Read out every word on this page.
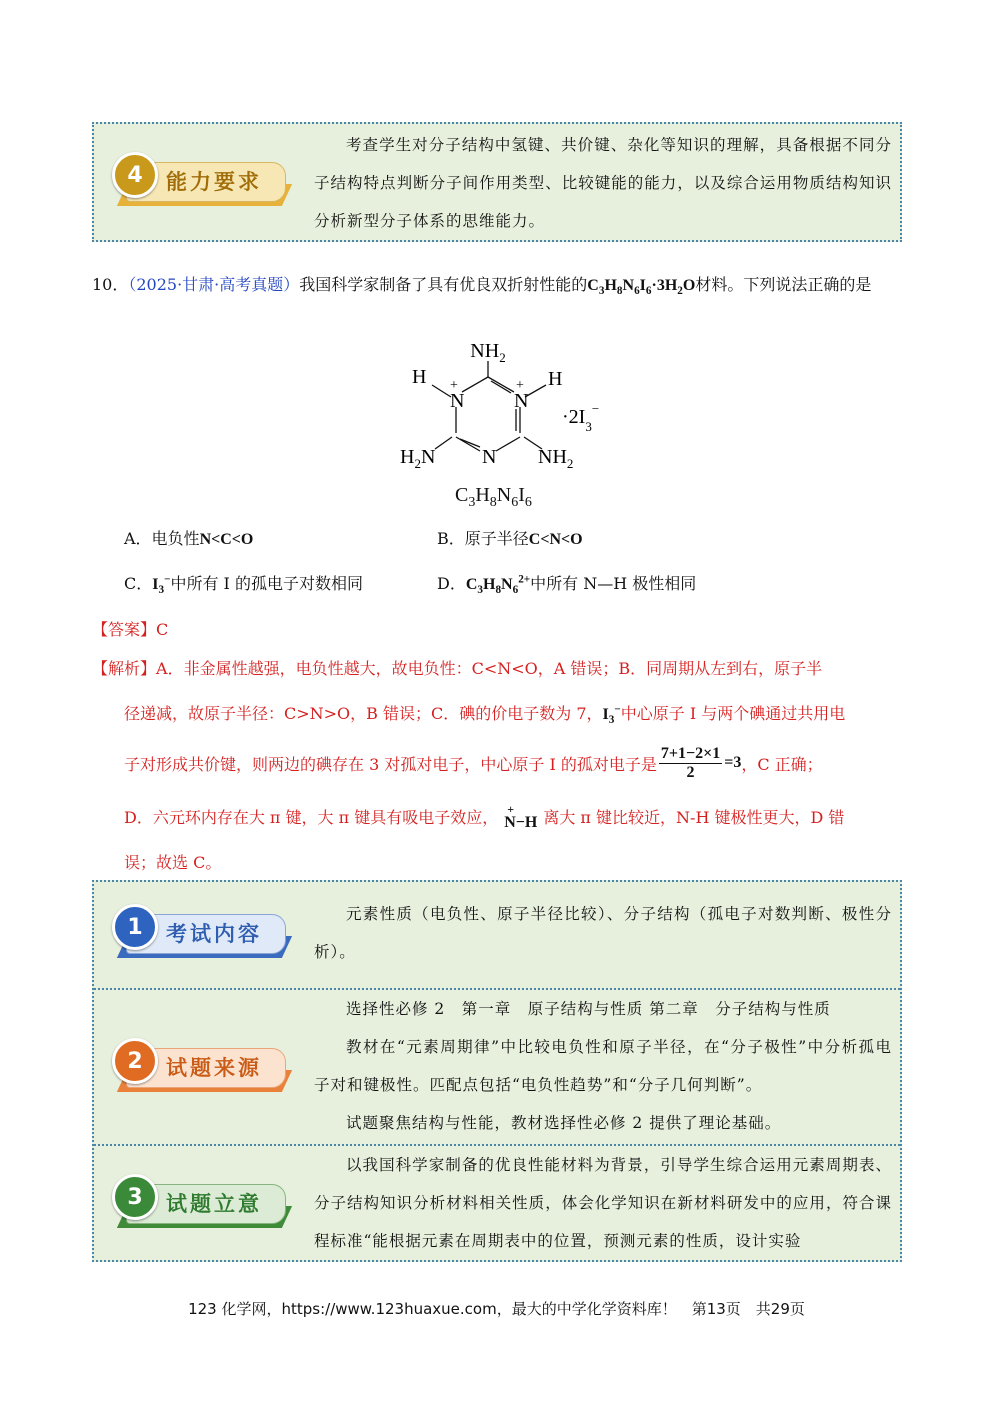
4	能力要求
考查学生对分子结构中氢键、共价键、杂化等知识的理解，具备根据不同分子结构特点判断分子间作用类型、比较键能的能力，以及综合运用物质结构知识分析新型分子体系的思维能力。
10．（2025·甘肃·高考真题）我国科学家制备了具有优良双折射性能的$C_3H_8N_6I_6\cdot 3H_2O$材料。下列说法正确的是
$NH_2$
N
+
N
+
N
H	H
$H_2N$	$NH_2$
$\cdot 2I_3^-$
$C_3H_8N_6I_6$
A．电负性N<C<O	B．原子半径C<N<O
C．$I_3^-$中所有 I 的孤电子对数相同	D．$C_3H_8N_6^{2+}$中所有 N—H 极性相同
【答案】C
【解析】A．非金属性越强，电负性越大，故电负性：C<N<O，A 错误；B．同周期从左到右，原子半
径递减，故原子半径：C>N>O，B 错误；C．碘的价电子数为 7，$I_3^-$中心原子 I 与两个碘通过共用电
子对形成共价键，则两边的碘存在 3 对孤对电子，中心原子 I 的孤对电子是 $\frac{7+1-2\times 1}{2} =3$ ，C 正确；
D．六元环内存在大 π 键，大 π 键具有吸电子效应， +
N−H 离大 π 键比较近，N-H 键极性更大，D 错
误；故选 C。
1	考试内容
元素性质（电负性、原子半径比较）、分子结构（孤电子对数判断、极性分析）。
2	试题来源
选择性必修 2　第一章　原子结构与性质 第二章　分子结构与性质
教材在“元素周期律”中比较电负性和原子半径，在“分子极性”中分析孤电子对和键极性。匹配点包括“电负性趋势”和“分子几何判断”。
试题聚焦结构与性能，教材选择性必修 2 提供了理论基础。
3	试题立意
以我国科学家制备的优良性能材料为背景，引导学生综合运用元素周期表、分子结构知识分析材料相关性质，体会化学知识在新材料研发中的应用，符合课程标准“能根据元素在周期表中的位置，预测元素的性质，设计实验
123 化学网，https://www.123huaxue.com，最大的中学化学资料库！　第13页　共29页
